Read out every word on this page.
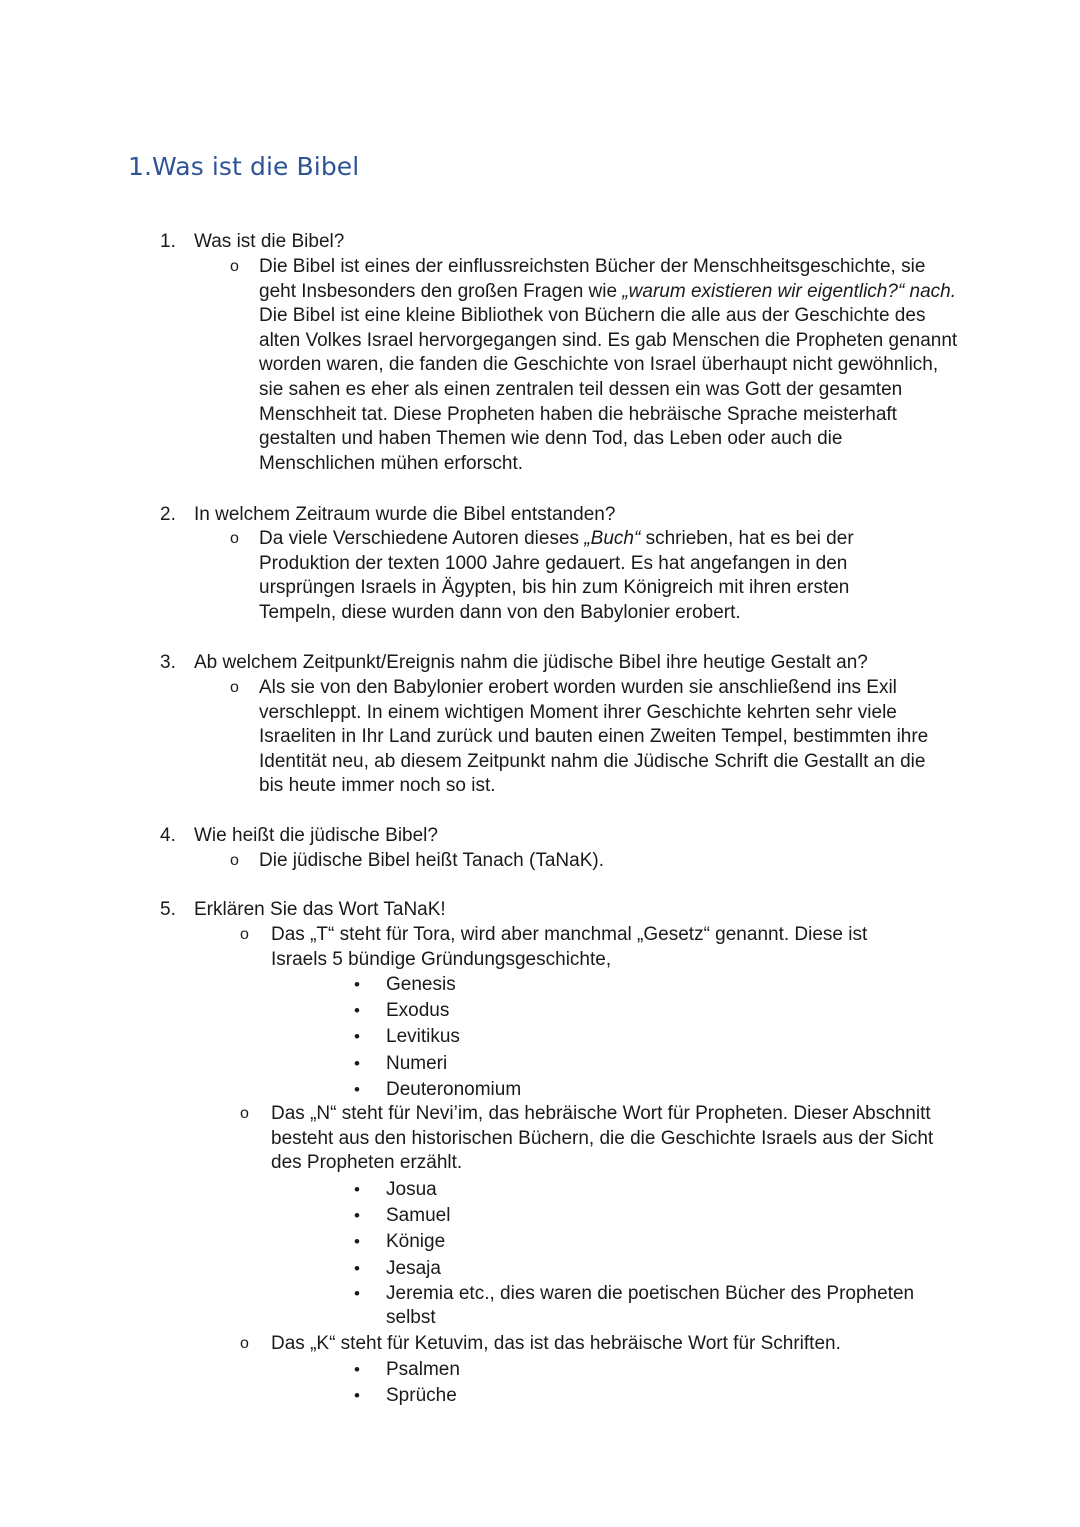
1.Was ist die Bibel
1. Was ist die Bibel?
o Die Bibel ist eines der einflussreichsten Bücher der Menschheitsgeschichte, sie geht Insbesonders den großen Fragen wie „warum existieren wir eigentlich?“ nach. Die Bibel ist eine kleine Bibliothek von Büchern die alle aus der Geschichte des alten Volkes Israel hervorgegangen sind. Es gab Menschen die Propheten genannt worden waren, die fanden die Geschichte von Israel überhaupt nicht gewöhnlich, sie sahen es eher als einen zentralen teil dessen ein was Gott der gesamten Menschheit tat. Diese Propheten haben die hebräische Sprache meisterhaft gestalten und haben Themen wie denn Tod, das Leben oder auch die Menschlichen mühen erforscht.
2. In welchem Zeitraum wurde die Bibel entstanden?
o Da viele Verschiedene Autoren dieses „Buch“ schrieben, hat es bei der Produktion der texten 1000 Jahre gedauert. Es hat angefangen in den ursprüngen Israels in Ägypten, bis hin zum Königreich mit ihren ersten Tempeln, diese wurden dann von den Babylonier erobert.
3. Ab welchem Zeitpunkt/Ereignis nahm die jüdische Bibel ihre heutige Gestalt an?
o Als sie von den Babylonier erobert worden wurden sie anschließend ins Exil verschleppt. In einem wichtigen Moment ihrer Geschichte kehrten sehr viele Israeliten in Ihr Land zurück und bauten einen Zweiten Tempel, bestimmten ihre Identität neu, ab diesem Zeitpunkt nahm die Jüdische Schrift die Gestallt an die bis heute immer noch so ist.
4. Wie heißt die jüdische Bibel?
o Die jüdische Bibel heißt Tanach (TaNaK).
5. Erklären Sie das Wort TaNaK!
o Das „T“ steht für Tora, wird aber manchmal „Gesetz“ genannt. Diese ist Israels 5 bündige Gründungsgeschichte,
• Genesis
• Exodus
• Levitikus
• Numeri
• Deuteronomium
o Das „N“ steht für Nevi’im, das hebräische Wort für Propheten. Dieser Abschnitt besteht aus den historischen Büchern, die die Geschichte Israels aus der Sicht des Propheten erzählt.
• Josua
• Samuel
• Könige
• Jesaja
• Jeremia etc., dies waren die poetischen Bücher des Propheten selbst
o Das „K“ steht für Ketuvim, das ist das hebräische Wort für Schriften.
• Psalmen
• Sprüche
